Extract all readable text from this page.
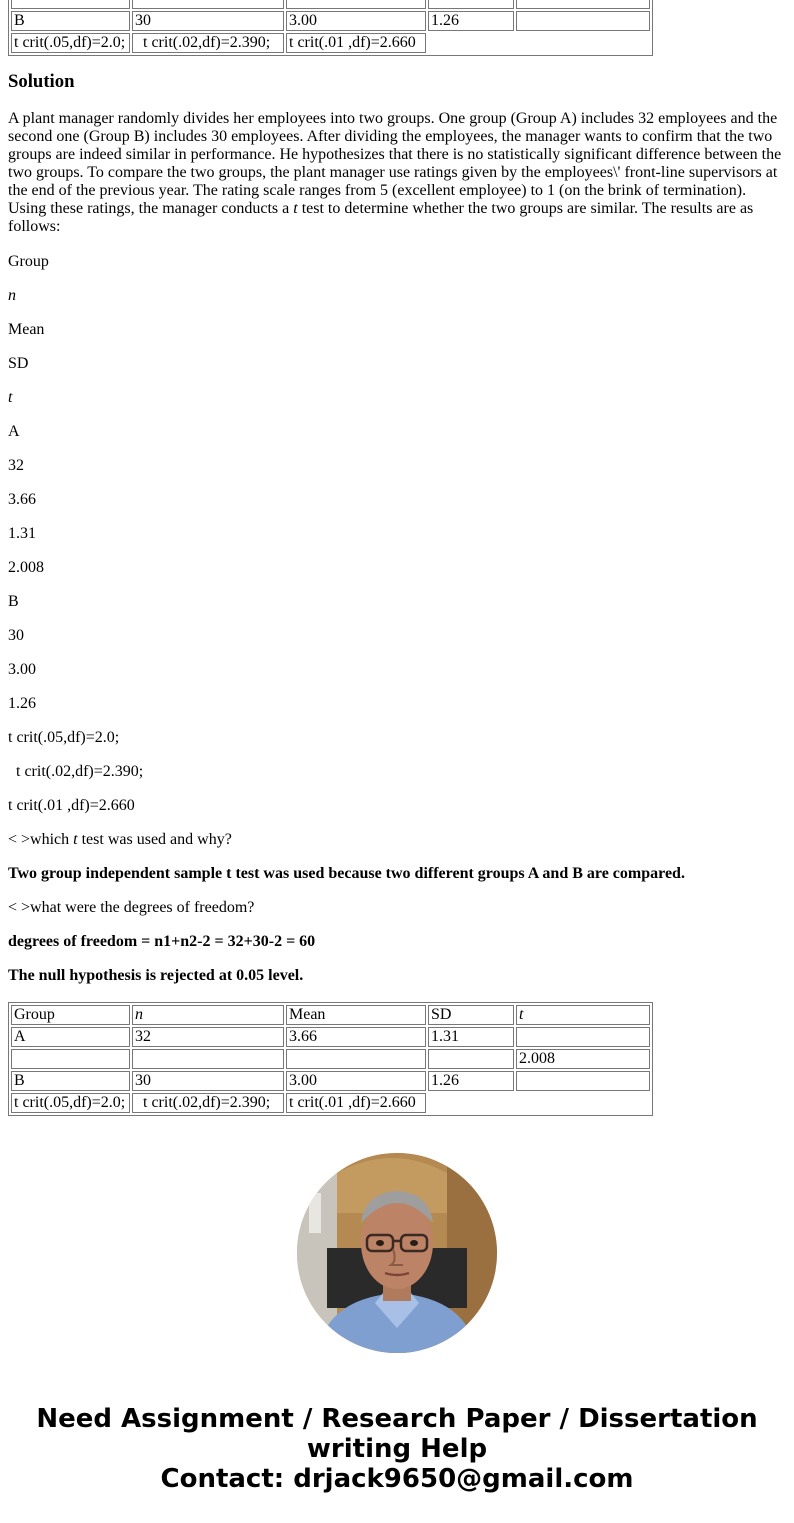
B	30	3.00	1.26	
t crit(.05,df)=2.0;	t crit(.02,df)=2.390;	t crit(.01 ,df)=2.660		
Solution

A plant manager randomly divides her employees into two groups. One group (Group A) includes 32 employees and the second one (Group B) includes 30 employees. After dividing the employees, the manager wants to confirm that the two groups are indeed similar in performance. He hypothesizes that there is no statistically significant difference between the two groups. To compare the two groups, the plant manager use ratings given by the employees\' front-line supervisors at the end of the previous year. The rating scale ranges from 5 (excellent employee) to 1 (on the brink of termination). Using these ratings, the manager conducts a t test to determine whether the two groups are similar. The results are as follows:

Group

n

Mean

SD

t

A

32

3.66

1.31

2.008

B

30

3.00

1.26

t crit(.05,df)=2.0;

t crit(.02,df)=2.390;

t crit(.01 ,df)=2.660

< >which t test was used and why?

Two group independent sample t test was used because two different groups A and B are compared.

< >what were the degrees of freedom?

degrees of freedom = n1+n2-2 = 32+30-2 = 60

The null hypothesis is rejected at 0.05 level.

Group	n	Mean	SD	t
A	32	3.66	1.31	
				2.008
B	30	3.00	1.26	
t crit(.05,df)=2.0;	t crit(.02,df)=2.390;	t crit(.01 ,df)=2.660		
Need Assignment / Research Paper / Dissertation
writing Help
Contact: drjack9650@gmail.com
